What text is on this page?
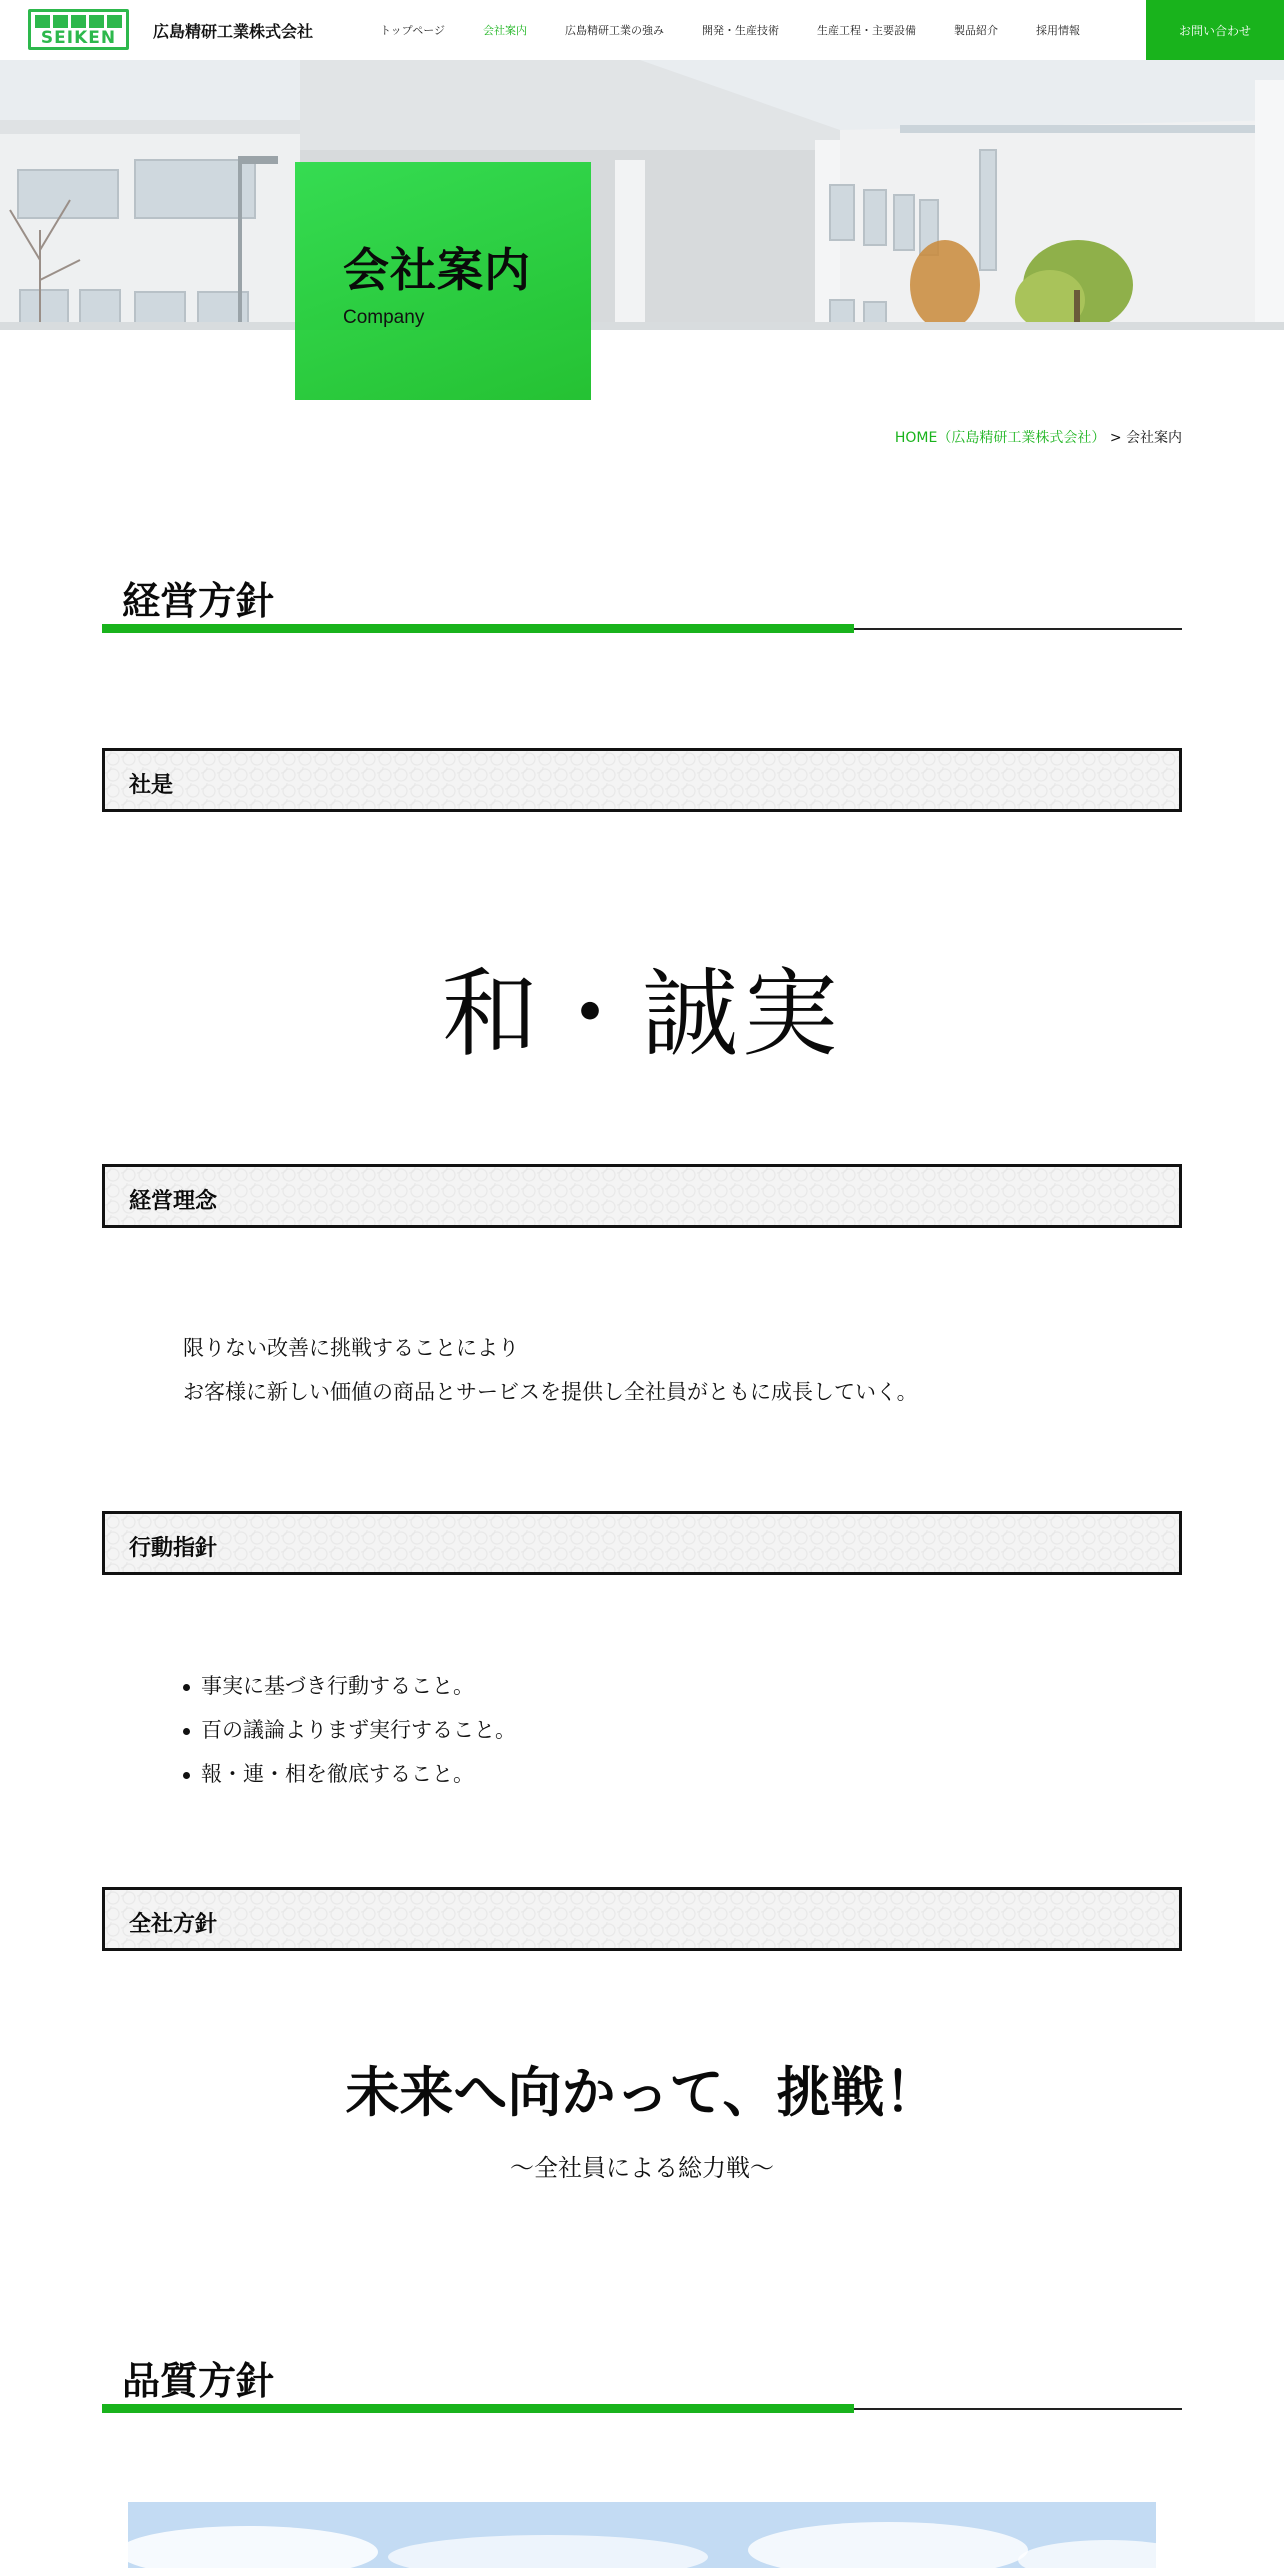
SEIKEN	広島精研工業株式会社	トップページ	会社案内	広島精研工業の強み	開発・生産技術	生産工程・主要設備	製品紹介	採用情報	お問い合わせ
会社案内
Company
HOME（広島精研工業株式会社） > 会社案内
経営方針
社是
和・誠実
経営理念

限りない改善に挑戦することにより

お客様に新しい価値の商品とサービスを提供し全社員がともに成長していく。

行動指針
事実に基づき行動すること。
百の議論よりまず実行すること。
報・連・相を徹底すること。
全社方針
未来へ向かって、挑戦！
～全社員による総力戦～
品質方針
